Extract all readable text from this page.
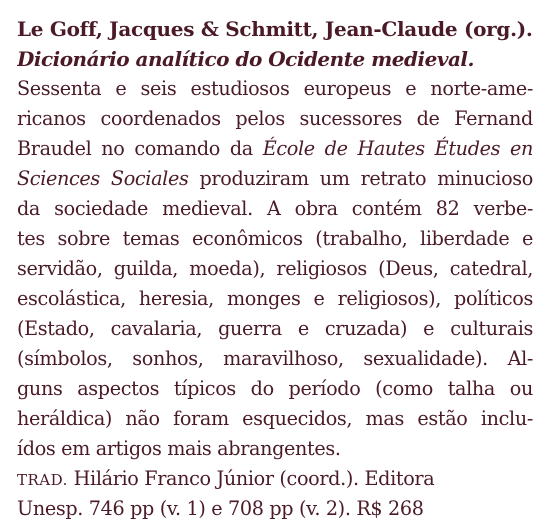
Le Goff, Jacques & Schmitt, Jean-Claude (org.).
Dicionário analítico do Ocidente medieval.
Sessenta e seis estudiosos europeus e norte-ame-
ricanos coordenados pelos sucessores de Fernand
Braudel no comando da École de Hautes Études en
Sciences Sociales produziram um retrato minucioso
da sociedade medieval. A obra contém 82 verbe-
tes sobre temas econômicos (trabalho, liberdade e
servidão, guilda, moeda), religiosos (Deus, catedral,
escolástica, heresia, monges e religiosos), políticos
(Estado, cavalaria, guerra e cruzada) e culturais
(símbolos, sonhos, maravilhoso, sexualidade). Al-
guns aspectos típicos do período (como talha ou
heráldica) não foram esquecidos, mas estão inclu-
ídos em artigos mais abrangentes.
TRAD. Hilário Franco Júnior (coord.). Editora
Unesp. 746 pp (v. 1) e 708 pp (v. 2). R$ 268
